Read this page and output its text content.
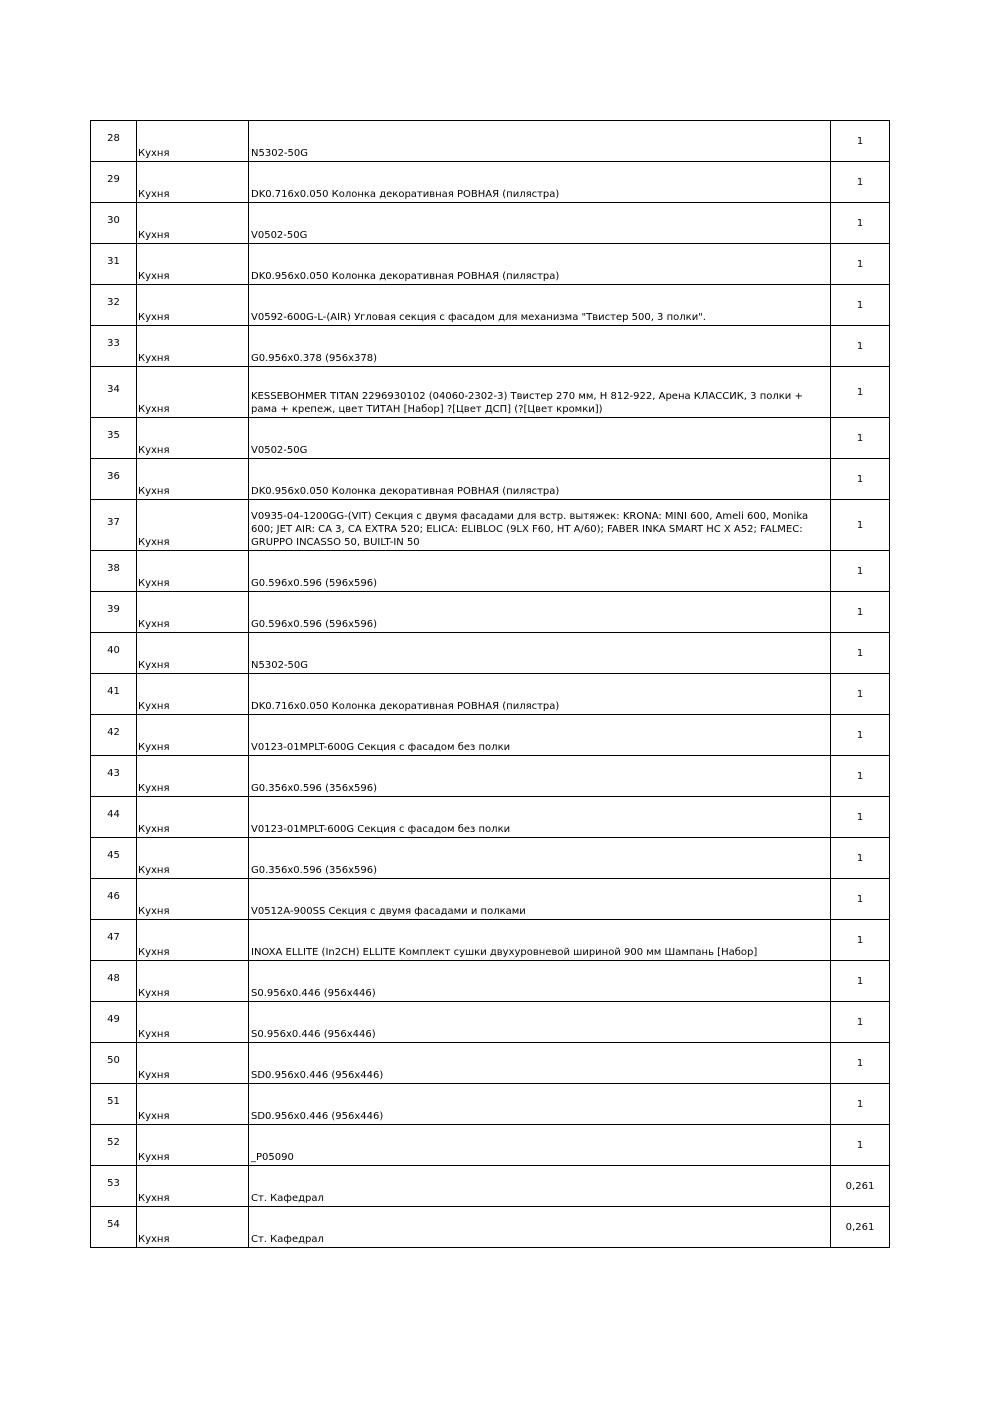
28	Кухня	N5302-50G	1
29	Кухня	DK0.716x0.050 Колонка декоративная РОВНАЯ (пилястра)	1
30	Кухня	V0502-50G	1
31	Кухня	DK0.956x0.050 Колонка декоративная РОВНАЯ (пилястра)	1
32	Кухня	V0592-600G-L-(AIR) Угловая секция с фасадом для механизма "Твистер 500, 3 полки".	1
33	Кухня	G0.956x0.378 (956x378)	1
34	Кухня	KESSEBOHMER TITAN 2296930102 (04060-2302-3) Твистер 270 мм, H 812-922, Арена КЛАССИК, 3 полки + рама + крепеж, цвет ТИТАН [Набор] ?[Цвет ДСП] (?[Цвет кромки])	1
35	Кухня	V0502-50G	1
36	Кухня	DK0.956x0.050 Колонка декоративная РОВНАЯ (пилястра)	1
37	Кухня	V0935-04-1200GG-(VIT) Секция с двумя фасадами для встр. вытяжек: KRONA: MINI 600, Ameli 600, Monika 600; JET AIR: CA 3, CA EXTRA 520; ELICA: ELIBLOC (9LX F60, HT A/60); FABER INKA SMART HC X A52; FALMEC: GRUPPO INCASSO 50, BUILT-IN 50	1
38	Кухня	G0.596x0.596 (596x596)	1
39	Кухня	G0.596x0.596 (596x596)	1
40	Кухня	N5302-50G	1
41	Кухня	DK0.716x0.050 Колонка декоративная РОВНАЯ (пилястра)	1
42	Кухня	V0123-01MPLT-600G Секция с фасадом без полки	1
43	Кухня	G0.356x0.596 (356x596)	1
44	Кухня	V0123-01MPLT-600G Секция с фасадом без полки	1
45	Кухня	G0.356x0.596 (356x596)	1
46	Кухня	V0512A-900SS Секция с двумя фасадами и полками	1
47	Кухня	INOXA ELLITE (In2CH) ELLITE Комплект сушки двухуровневой шириной 900 мм Шампань [Набор]	1
48	Кухня	S0.956x0.446 (956x446)	1
49	Кухня	S0.956x0.446 (956x446)	1
50	Кухня	SD0.956x0.446 (956x446)	1
51	Кухня	SD0.956x0.446 (956x446)	1
52	Кухня	_P05090	1
53	Кухня	Ст. Кафедрал	0,261
54	Кухня	Ст. Кафедрал	0,261
